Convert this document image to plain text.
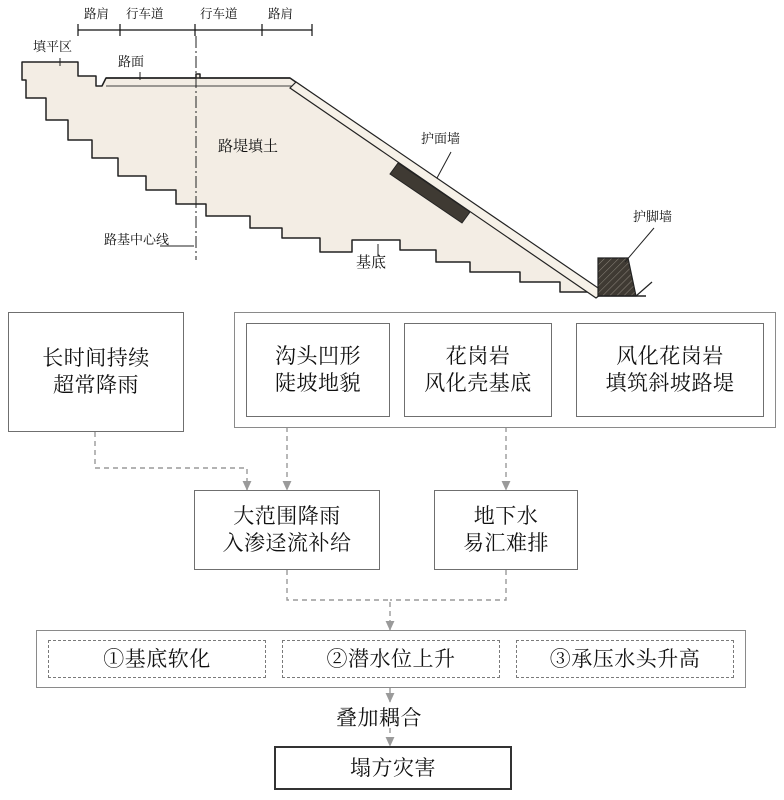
路肩 行车道	行车道 路肩
填平区
路面
路堤填土
护面墙
护脚墙
路基中心线
基底
长时间持续
超常降雨
沟头凹形
陡坡地貌
花岗岩
风化壳基底
风化花岗岩
填筑斜坡路堤
大范围降雨
入渗迳流补给
地下水
易汇难排
①基底软化	②潜水位上升	③承压水头升高
叠加耦合
塌方灾害
